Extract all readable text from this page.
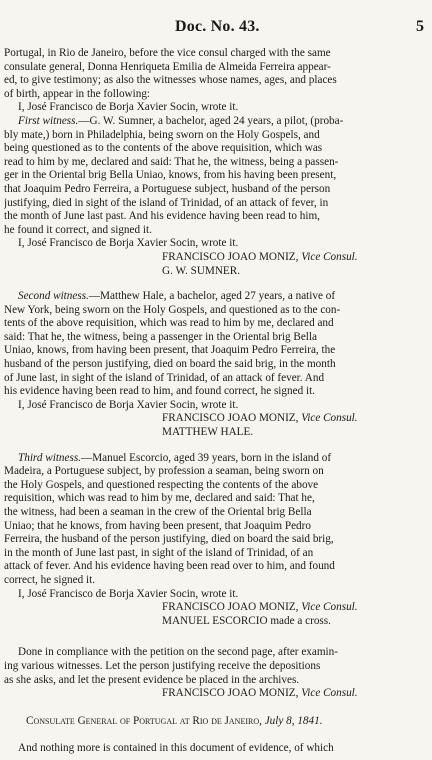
Doc. No. 43.	5
Portugal, in Rio de Janeiro, before the vice consul charged with the same
consulate general, Donna Henriqueta Emilia de Almeida Ferreira appear-
ed, to give testimony; as also the witnesses whose names, ages, and places
of birth, appear in the following:
I, José Francisco de Borja Xavier Socin, wrote it.
First witness.—G. W. Sumner, a bachelor, aged 24 years, a pilot, (proba-
bly mate,) born in Philadelphia, being sworn on the Holy Gospels, and
being questioned as to the contents of the above requisition, which was
read to him by me, declared and said: That he, the witness, being a passen-
ger in the Oriental brig Bella Uniao, knows, from his having been present,
that Joaquim Pedro Ferreira, a Portuguese subject, husband of the person
justifying, died in sight of the island of Trinidad, of an attack of fever, in
the month of June last past. And his evidence having been read to him,
he found it correct, and signed it.
I, José Francisco de Borja Xavier Socin, wrote it.
FRANCISCO JOAO MONIZ, Vice Consul.
G. W. SUMNER.
Second witness.—Matthew Hale, a bachelor, aged 27 years, a native of
New York, being sworn on the Holy Gospels, and questioned as to the con-
tents of the above requisition, which was read to him by me, declared and
said: That he, the witness, being a passenger in the Oriental brig Bella
Uniao, knows, from having been present, that Joaquim Pedro Ferreira, the
husband of the person justifying, died on board the said brig, in the month
of June last, in sight of the island of Trinidad, of an attack of fever. And
his evidence having been read to him, and found correct, he signed it.
I, José Francisco de Borja Xavier Socin, wrote it.
FRANCISCO JOAO MONIZ, Vice Consul.
MATTHEW HALE.
Third witness.—Manuel Escorcio, aged 39 years, born in the island of
Madeira, a Portuguese subject, by profession a seaman, being sworn on
the Holy Gospels, and questioned respecting the contents of the above
requisition, which was read to him by me, declared and said: That he,
the witness, had been a seaman in the crew of the Oriental brig Bella
Uniao; that he knows, from having been present, that Joaquim Pedro
Ferreira, the husband of the person justifying, died on board the said brig,
in the month of June last past, in sight of the island of Trinidad, of an
attack of fever. And his evidence having been read over to him, and found
correct, he signed it.
I, José Francisco de Borja Xavier Socin, wrote it.
FRANCISCO JOAO MONIZ, Vice Consul.
MANUEL ESCORCIO made a cross.
Done in compliance with the petition on the second page, after examin-
ing various witnesses. Let the person justifying receive the depositions
as she asks, and let the present evidence be placed in the archives.
FRANCISCO JOAO MONIZ, Vice Consul.
Consulate General of Portugal at Rio de Janeiro, July 8, 1841.
And nothing more is contained in this document of evidence, of which
